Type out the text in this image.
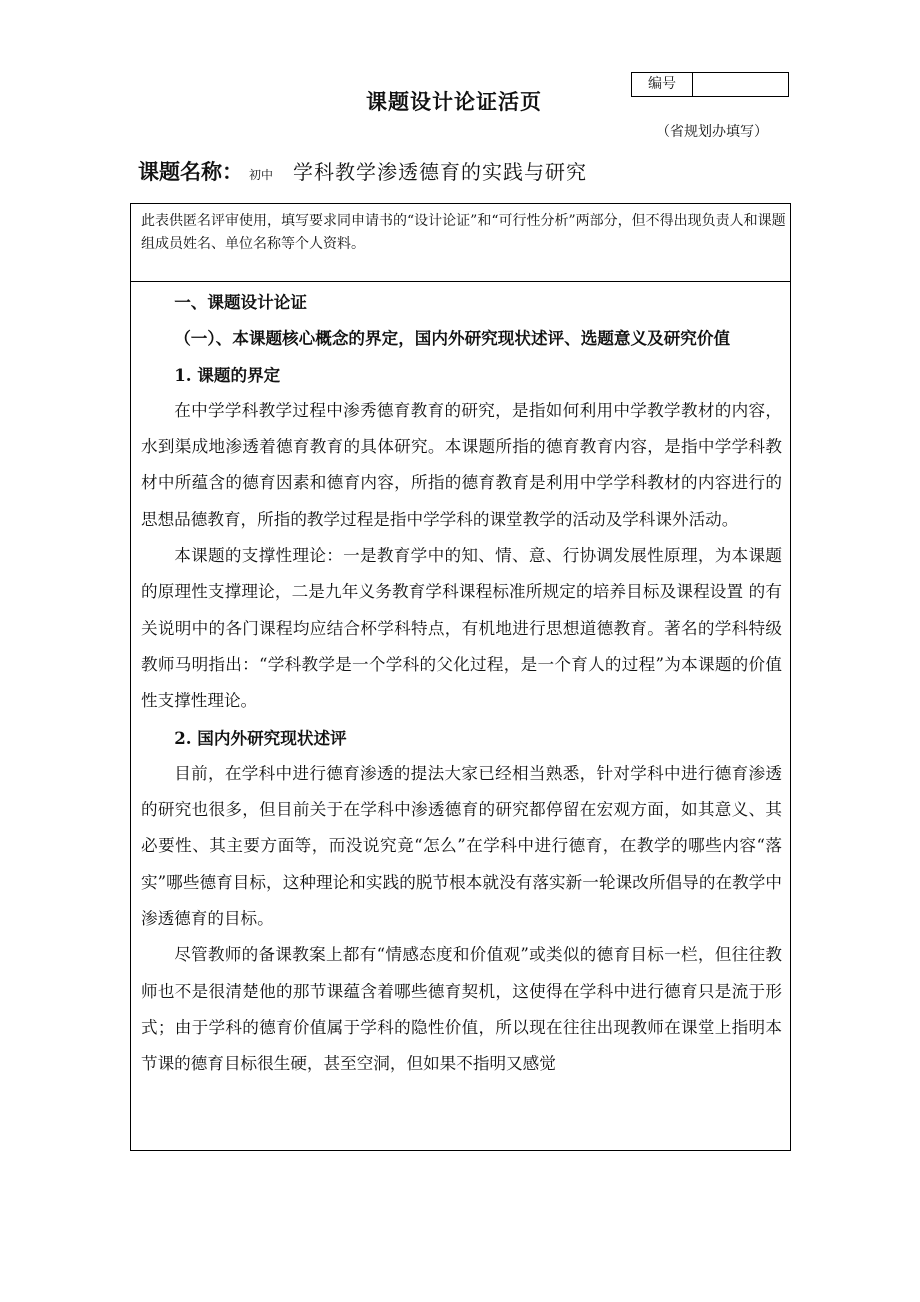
课题设计论证活页
编号
（省规划办填写）
课题名称： 初中 学科教学渗透德育的实践与研究
此表供匿名评审使用，填写要求同申请书的“设计论证”和“可行性分析”两部分，但不得出现负责人和课题组成员姓名、单位名称等个人资料。

一、课题设计论证

（一）、本课题核心概念的界定，国内外研究现状述评、选题意义及研究价值

1. 课题的界定

在中学学科教学过程中渗秀德育教育的研究，是指如何利用中学教学教材的内容，水到渠成地渗透着德育教育的具体研究。本课题所指的德育教育内容，是指中学学科教材中所蕴含的德育因素和德育内容，所指的德育教育是利用中学学科教材的内容进行的思想品德教育，所指的教学过程是指中学学科的课堂教学的活动及学科课外活动。

本课题的支撑性理论：一是教育学中的知、情、意、行协调发展性原理，为本课题的原理性支撑理论，二是九年义务教育学科课程标准所规定的培养目标及课程设置 的有关说明中的各门课程均应结合杯学科特点，有机地进行思想道德教育。著名的学科特级教师马明指出：“学科教学是一个学科的父化过程，是一个育人的过程”为本课题的价值性支撑性理论。

2. 国内外研究现状述评

目前，在学科中进行德育渗透的提法大家已经相当熟悉，针对学科中进行德育渗透的研究也很多，但目前关于在学科中渗透德育的研究都停留在宏观方面，如其意义、其必要性、其主要方面等，而没说究竟“怎么”在学科中进行德育，在教学的哪些内容“落实”哪些德育目标，这种理论和实践的脱节根本就没有落实新一轮课改所倡导的在教学中渗透德育的目标。

尽管教师的备课教案上都有“情感态度和价值观”或类似的德育目标一栏，但往往教师也不是很清楚他的那节课蕴含着哪些德育契机，这使得在学科中进行德育只是流于形式；由于学科的德育价值属于学科的隐性价值，所以现在往往出现教师在课堂上指明本节课的德育目标很生硬，甚至空洞，但如果不指明又感觉
